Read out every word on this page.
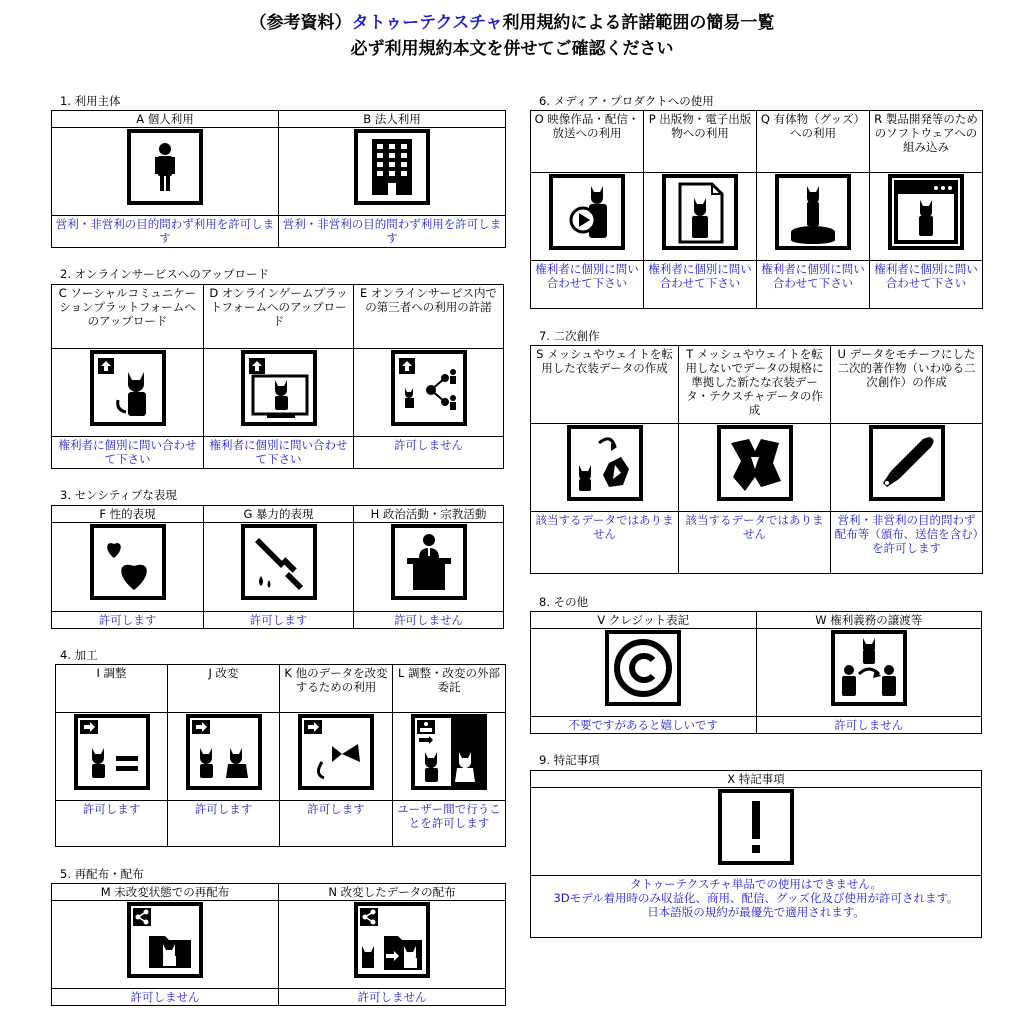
（参考資料）タトゥーテクスチャ利用規約による許諾範囲の簡易一覧
必ず利用規約本文を併せてご確認ください
1. 利用主体
A 個人利用	B 法人利用

営利・非営利の目的問わず利用を許可します	営利・非営利の目的問わず利用を許可します
2. オンラインサービスへのアップロード
C ソーシャルコミュニケーションプラットフォームへのアップロード	D オンラインゲームプラットフォームへのアップロード	E オンラインサービス内での第三者への利用の許諾

権利者に個別に問い合わせて下さい	権利者に個別に問い合わせて下さい	許可しません
3. センシティブな表現
F 性的表現	G 暴力的表現	H 政治活動・宗教活動

許可します	許可します	許可しません
4. 加工
I 調整	J 改変	K 他のデータを改変するための利用	L 調整・改変の外部委託

許可します	許可します	許可します	ユーザー間で行うことを許可します
5. 再配布・配布
M 未改変状態での再配布	N 改変したデータの配布

許可しません	許可しません
6. メディア・プロダクトへの使用
O 映像作品・配信・放送への利用	P 出版物・電子出版物への利用	Q 有体物（グッズ）への利用	R 製品開発等のためのソフトウェアへの組み込み

権利者に個別に問い合わせて下さい	権利者に個別に問い合わせて下さい	権利者に個別に問い合わせて下さい	権利者に個別に問い合わせて下さい
7. 二次創作
S メッシュやウェイトを転用した衣装データの作成	T メッシュやウェイトを転用しないでデータの規格に準拠した新たな衣装データ・テクスチャデータの作成	U データをモチーフにした二次的著作物（いわゆる二次創作）の作成

該当するデータではありません	該当するデータではありません	営利・非営利の目的問わず配布等（頒布、送信を含む）を許可します
8. その他
V クレジット表記	W 権利義務の譲渡等

不要ですがあると嬉しいです	許可しません
9. 特記事項
X 特記事項

タトゥーテクスチャ単品での使用はできません。
3Dモデル着用時のみ収益化、商用、配信、グッズ化及び使用が許可されます。
日本語版の規約が最優先で適用されます。
